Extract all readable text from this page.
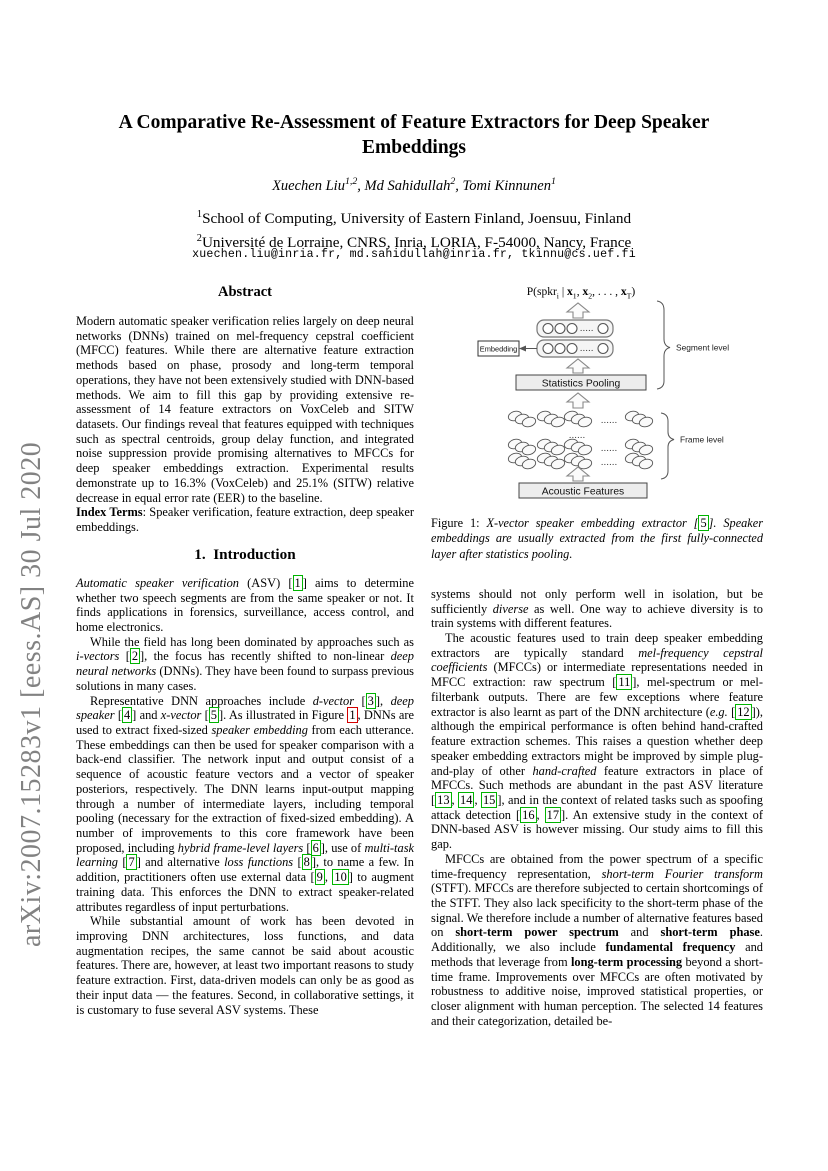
arXiv:2007.15283v1 [eess.AS] 30 Jul 2020
A Comparative Re-Assessment of Feature Extractors for Deep Speaker Embeddings
Xuechen Liu$^{1,2}$, Md Sahidullah$^2$, Tomi Kinnunen$^1$
$^1$School of Computing, University of Eastern Finland, Joensuu, Finland
$^2$Université de Lorraine, CNRS, Inria, LORIA, F-54000, Nancy, France
xuechen.liu@inria.fr, md.sahidullah@inria.fr, tkinnu@cs.uef.fi
Abstract
Modern automatic speaker verification relies largely on deep neural networks (DNNs) trained on mel-frequency cepstral coefficient (MFCC) features. While there are alternative feature extraction methods based on phase, prosody and long-term temporal operations, they have not been extensively studied with DNN-based methods. We aim to fill this gap by providing extensive re-assessment of 14 feature extractors on VoxCeleb and SITW datasets. Our findings reveal that features equipped with techniques such as spectral centroids, group delay function, and integrated noise suppression provide promising alternatives to MFCCs for deep speaker embeddings extraction. Experimental results demonstrate up to 16.3% (VoxCeleb) and 25.1% (SITW) relative decrease in equal error rate (EER) to the baseline.
Index Terms: Speaker verification, feature extraction, deep speaker embeddings.
1.  Introduction
Automatic speaker verification (ASV) [ 1 ] aims to determine whether two speech segments are from the same speaker or not. It finds applications in forensics, surveillance, access control, and home electronics.
While the field has long been dominated by approaches such as i-vectors [ 2 ], the focus has recently shifted to non-linear deep neural networks (DNNs). They have been found to surpass previous solutions in many cases.
Representative DNN approaches include d-vector [ 3 ], deep speaker [ 4 ] and x-vector [ 5 ]. As illustrated in Figure 1 , DNNs are used to extract fixed-sized speaker embedding from each utterance. These embeddings can then be used for speaker comparison with a back-end classifier. The network input and output consist of a sequence of acoustic feature vectors and a vector of speaker posteriors, respectively. The DNN learns input-output mapping through a number of intermediate layers, including temporal pooling (necessary for the extraction of fixed-sized embedding). A number of improvements to this core framework have been proposed, including hybrid frame-level layers [ 6 ], use of multi-task learning [ 7 ] and alternative loss functions [ 8 ], to name a few. In addition, practitioners often use external data [ 9 , 10 ] to augment training data. This enforces the DNN to extract speaker-related attributes regardless of input perturbations.
While substantial amount of work has been devoted in improving DNN architectures, loss functions, and data augmentation recipes, the same cannot be said about acoustic features. There are, however, at least two important reasons to study feature extraction. First, data-driven models can only be as good as their input data — the features. Second, in collaborative settings, it is customary to fuse several ASV systems. These
.....
.....
Embedding
Statistics Pooling
......
......
......
......
Acoustic Features
Segment level
Frame level
P(spkr$_i$ | $x_1$, $x_2$, . . . , $x_T$)
Figure 1: X-vector speaker embedding extractor [ 5 ]. Speaker embeddings are usually extracted from the first fully-connected layer after statistics pooling.
systems should not only perform well in isolation, but be sufficiently diverse as well. One way to achieve diversity is to train systems with different features.
The acoustic features used to train deep speaker embedding extractors are typically standard mel-frequency cepstral coefficients (MFCCs) or intermediate representations needed in MFCC extraction: raw spectrum [ 11 ], mel-spectrum or mel-filterbank outputs. There are few exceptions where feature extractor is also learnt as part of the DNN architecture (e.g. [ 12 ]), although the empirical performance is often behind hand-crafted feature extraction schemes. This raises a question whether deep speaker embedding extractors might be improved by simple plug-and-play of other hand-crafted feature extractors in place of MFCCs. Such methods are abundant in the past ASV literature [ 13 , 14 , 15 ], and in the context of related tasks such as spoofing attack detection [ 16 , 17 ]. An extensive study in the context of DNN-based ASV is however missing. Our study aims to fill this gap.
MFCCs are obtained from the power spectrum of a specific time-frequency representation, short-term Fourier transform (STFT). MFCCs are therefore subjected to certain shortcomings of the STFT. They also lack specificity to the short-term phase of the signal. We therefore include a number of alternative features based on short-term power spectrum and short-term phase. Additionally, we also include fundamental frequency and methods that leverage from long-term processing beyond a short-time frame. Improvements over MFCCs are often motivated by robustness to additive noise, improved statistical properties, or closer alignment with human perception. The selected 14 features and their categorization, detailed be-
